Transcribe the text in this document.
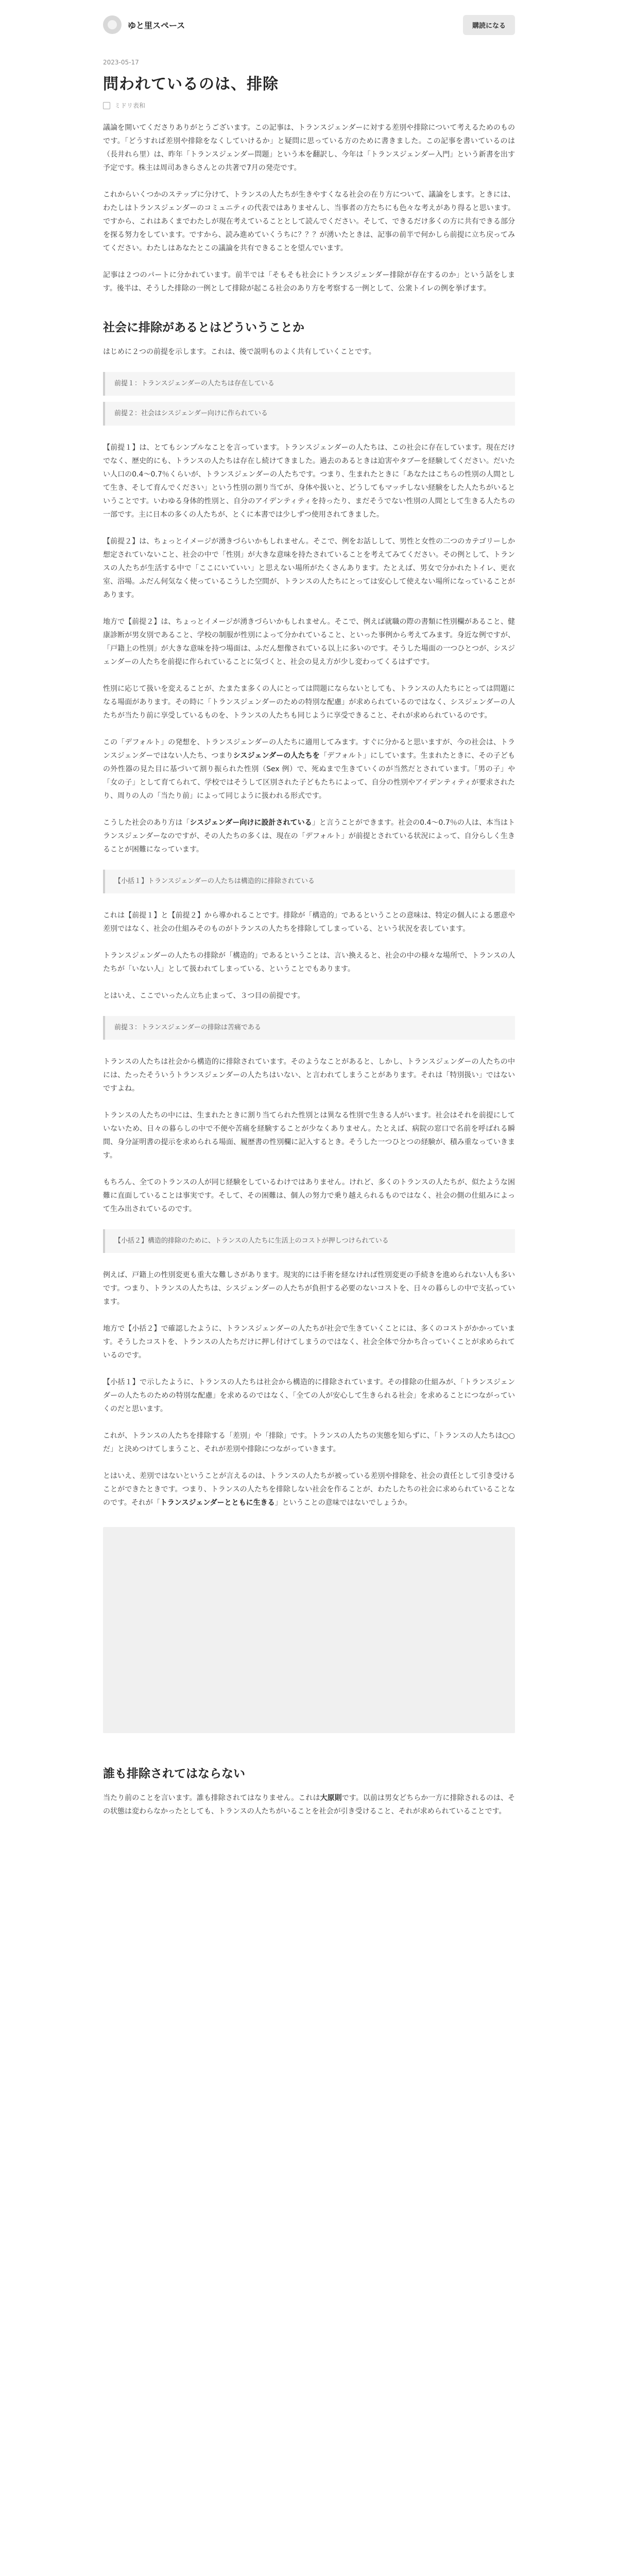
ゆと里スペース	購読になる
2023-05-17
問われているのは、排除
ミドリ表和

議論を開いてくださりありがとうございます。この記事は、トランスジェンダーに対する差別や排除について考えるためのものです。「どうすれば差別や排除をなくしていけるか」と疑問に思っている方のために書きました。この記事を書いているのは（長井れら里）は、昨年「トランスジェンダー問題」という本を翻訳し、今年は「トランスジェンダー入門」という新書を出す予定です。株主は周司あきらさんとの共著で7月の発売です。

これからいくつかのステップに分けて、トランスの人たちが生きやすくなる社会の在り方について、議論をします。ときには、わたしはトランスジェンダーのコミュニティの代表ではありませんし、当事者の方たちにも色々な考えがあり得ると思います。ですから、これはあくまでわたしが現在考えていることとして読んでください。そして、できるだけ多くの方に共有できる部分を探る努力をしています。ですから、読み進めていくうちに？？？が湧いたときは、記事の前半で何かしら前提に立ち戻ってみてください。わたしはあなたとこの議論を共有できることを望んでいます。

記事は２つのパートに分かれています。前半では「そもそも社会にトランスジェンダー排除が存在するのか」という話をします。後半は、そうした排除の一例として排除が起こる社会のあり方を考察する一例として、公衆トイレの例を挙げます。

社会に排除があるとはどういうことか

はじめに２つの前提を示します。これは、後で説明ものよく共有していくことです。

前提１：トランスジェンダーの人たちは存在している
前提２：社会はシスジェンダー向けに作られている

【前提１】は、とてもシンプルなことを言っています。トランスジェンダーの人たちは、この社会に存在しています。現在だけでなく、歴史的にも、トランスの人たちは存在し続けてきました。過去のあるときは迫害やタブーを経験してください。だいたい人口の0.4〜0.7％くらいが、トランスジェンダーの人たちです。つまり、生まれたときに「あなたはこちらの性別の人間として生き、そして育んでください」という性別の割り当てが、身体や扱いと、どうしてもマッチしない経験をした人たちがいるということです。いわゆる身体的性別と、自分のアイデンティティを持ったり、まだそうでない性別の人間として生きる人たちの一部です。主に日本の多くの人たちが、とくに本書では少しずつ使用されてきました。

【前提２】は、ちょっとイメージが湧きづらいかもしれません。そこで、例をお話しして、男性と女性の二つのカテゴリーしか想定されていないこと、社会の中で「性別」が大きな意味を持たされていることを考えてみてください。その例として、トランスの人たちが生活する中で「ここにいていい」と思えない場所がたくさんあります。たとえば、男女で分かれたトイレ、更衣室、浴場。ふだん何気なく使っているこうした空間が、トランスの人たちにとっては安心して使えない場所になっていることがあります。

地方で【前提２】は、ちょっとイメージが湧きづらいかもしれません。そこで、例えば就職の際の書類に性別欄があること、健康診断が男女別であること、学校の制服が性別によって分かれていること、といった事例から考えてみます。身近な例ですが、「戸籍上の性別」が大きな意味を持つ場面は、ふだん想像されている以上に多いのです。そうした場面の一つひとつが、シスジェンダーの人たちを前提に作られていることに気づくと、社会の見え方が少し変わってくるはずです。

性別に応じて扱いを変えることが、たまたま多くの人にとっては問題にならないとしても、トランスの人たちにとっては問題になる場面があります。その時に「トランスジェンダーのための特別な配慮」が求められているのではなく、シスジェンダーの人たちが当たり前に享受しているものを、トランスの人たちも同じように享受できること、それが求められているのです。

この「デフォルト」の発想を、トランスジェンダーの人たちに適用してみます。すぐに分かると思いますが、今の社会は、トランスジェンダーではない人たち、つまりシスジェンダーの人たちを「デフォルト」にしています。生まれたときに、その子どもの外性器の見た目に基づいて割り振られた性別（Sex 例）で、死ぬまで生きていくのが当然だとされています。「男の子」や「女の子」として育てられて、学校ではそうして区別された子どもたちによって、自分の性別やアイデンティティが要求されたり、周りの人の「当たり前」によって同じように扱われる形式です。

こうした社会のあり方は「シスジェンダー向けに設計されている」と言うことができます。社会の0.4〜0.7％の人は、本当はトランスジェンダーなのですが、その人たちの多くは、現在の「デフォルト」が前提とされている状況によって、自分らしく生きることが困難になっています。

【小括１】トランスジェンダーの人たちは構造的に排除されている

これは【前提１】と【前提２】から導かれることです。排除が「構造的」であるということの意味は、特定の個人による悪意や差別ではなく、社会の仕組みそのものがトランスの人たちを排除してしまっている、という状況を表しています。

トランスジェンダーの人たちの排除が「構造的」であるということは、言い換えると、社会の中の様々な場所で、トランスの人たちが「いない人」として扱われてしまっている、ということでもあります。

とはいえ、ここでいったん立ち止まって、３つ目の前提です。

前提３：トランスジェンダーの排除は苦痛である

トランスの人たちは社会から構造的に排除されています。そのようなことがあると、しかし、トランスジェンダーの人たちの中には、たったそういうトランスジェンダーの人たちはいない、と言われてしまうことがあります。それは「特別扱い」ではないですよね。

トランスの人たちの中には、生まれたときに割り当てられた性別とは異なる性別で生きる人がいます。社会はそれを前提にしていないため、日々の暮らしの中で不便や苦痛を経験することが少なくありません。たとえば、病院の窓口で名前を呼ばれる瞬間、身分証明書の提示を求められる場面、履歴書の性別欄に記入するとき。そうした一つひとつの経験が、積み重なっていきます。

もちろん、全てのトランスの人が同じ経験をしているわけではありません。けれど、多くのトランスの人たちが、似たような困難に直面していることは事実です。そして、その困難は、個人の努力で乗り越えられるものではなく、社会の側の仕組みによって生み出されているのです。

【小括２】構造的排除のために、トランスの人たちに生活上のコストが押しつけられている

例えば、戸籍上の性別変更も重大な難しさがあります。現実的には手術を経なければ性別変更の手続きを進められない人も多いです。つまり、トランスの人たちは、シスジェンダーの人たちが負担する必要のないコストを、日々の暮らしの中で支払っています。

地方で【小括２】で確認したように、トランスジェンダーの人たちが社会で生きていくことには、多くのコストがかかっています。そうしたコストを、トランスの人たちだけに押し付けてしまうのではなく、社会全体で分かち合っていくことが求められているのです。

【小括１】で示したように、トランスの人たちは社会から構造的に排除されています。その排除の仕組みが、「トランスジェンダーの人たちのための特別な配慮」を求めるのではなく、「全ての人が安心して生きられる社会」を求めることにつながっていくのだと思います。

これが、トランスの人たちを排除する「差別」や「排除」です。トランスの人たちの実態を知らずに、「トランスの人たちは○○だ」と決めつけてしまうこと、それが差別や排除につながっていきます。

とはいえ、差別ではないということが言えるのは、トランスの人たちが被っている差別や排除を、社会の責任として引き受けることができたときです。つまり、トランスの人たちを排除しない社会を作ることが、わたしたちの社会に求められていることなのです。それが「トランスジェンダーとともに生きる」ということの意味ではないでしょうか。

誰も排除されてはならない

当たり前のことを言います。誰も排除されてはなりません。これは大原則です。以前は男女どちらか一方に排除されるのは、その状態は変わらなかったとしても、トランスの人たちがいることを社会が引き受けること、それが求められていることです。
